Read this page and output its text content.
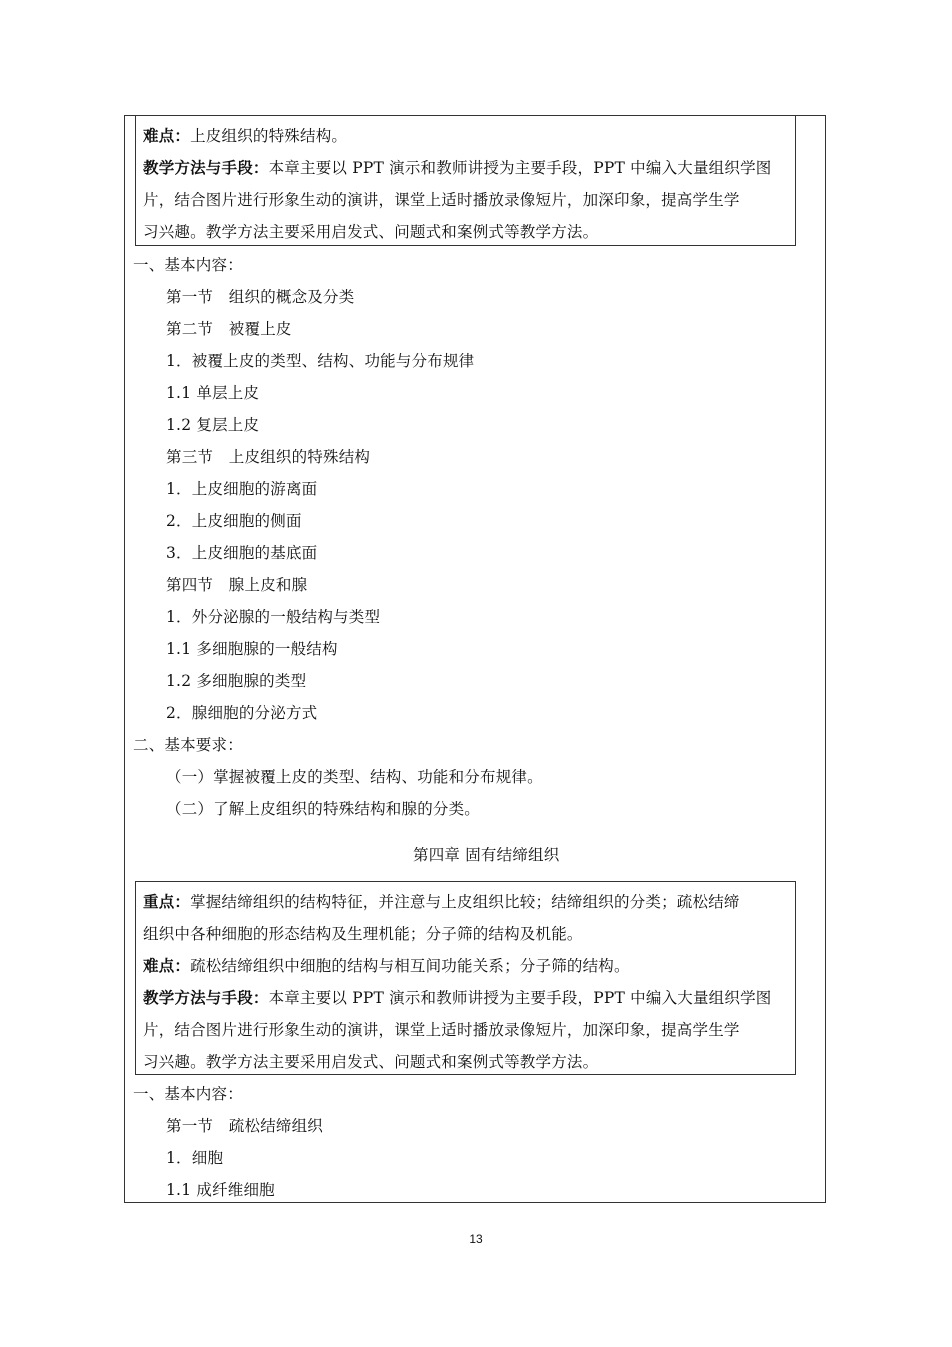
难点：上皮组织的特殊结构。
教学方法与手段：本章主要以 PPT 演示和教师讲授为主要手段，PPT 中编入大量组织学图
片，结合图片进行形象生动的演讲，课堂上适时播放录像短片，加深印象，提高学生学
习兴趣。教学方法主要采用启发式、问题式和案例式等教学方法。
一、基本内容：
第一节　组织的概念及分类
第二节　被覆上皮
1．被覆上皮的类型、结构、功能与分布规律
1.1 单层上皮
1.2 复层上皮
第三节　上皮组织的特殊结构
1．上皮细胞的游离面
2．上皮细胞的侧面
3．上皮细胞的基底面
第四节　腺上皮和腺
1．外分泌腺的一般结构与类型
1.1 多细胞腺的一般结构
1.2 多细胞腺的类型
2．腺细胞的分泌方式
二、基本要求：
（一）掌握被覆上皮的类型、结构、功能和分布规律。
（二）了解上皮组织的特殊结构和腺的分类。
第四章 固有结缔组织
重点：掌握结缔组织的结构特征，并注意与上皮组织比较；结缔组织的分类；疏松结缔
组织中各种细胞的形态结构及生理机能；分子筛的结构及机能。
难点：疏松结缔组织中细胞的结构与相互间功能关系；分子筛的结构。
教学方法与手段：本章主要以 PPT 演示和教师讲授为主要手段，PPT 中编入大量组织学图
片，结合图片进行形象生动的演讲，课堂上适时播放录像短片，加深印象，提高学生学
习兴趣。教学方法主要采用启发式、问题式和案例式等教学方法。
一、基本内容：
第一节　疏松结缔组织
1．细胞
1.1 成纤维细胞
13
